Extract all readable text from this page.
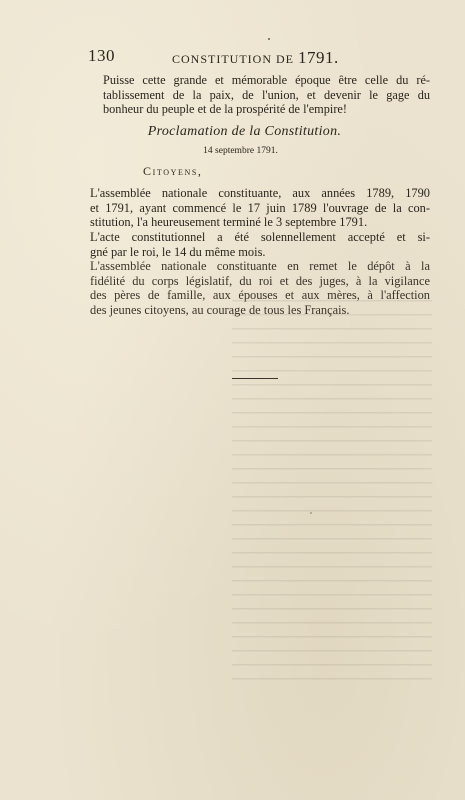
130	CONSTITUTION DE 1791.
Puisse cette grande et mémorable époque être celle du ré-
tablissement de la paix, de l'union, et devenir le gage du
bonheur du peuple et de la prospérité de l'empire!
Proclamation de la Constitution.
14 septembre 1791.
Citoyens,
L'assemblée nationale constituante, aux années 1789, 1790
et 1791, ayant commencé le 17 juin 1789 l'ouvrage de la con-
stitution, l'a heureusement terminé le 3 septembre 1791.
L'acte constitutionnel a été solennellement accepté et si-
gné par le roi, le 14 du même mois.
L'assemblée nationale constituante en remet le dépôt à la
fidélité du corps législatif, du roi et des juges, à la vigilance
des pères de famille, aux épouses et aux mères, à l'affection
des jeunes citoyens, au courage de tous les Français.
